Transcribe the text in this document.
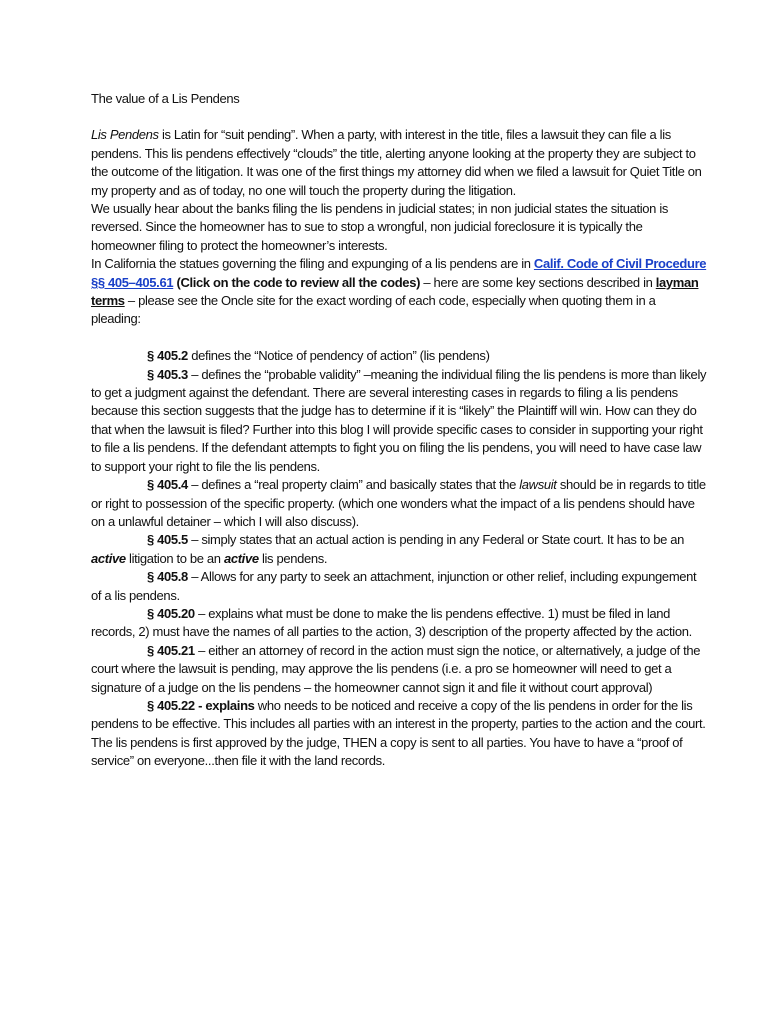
The value of a Lis Pendens

Lis Pendens is Latin for “suit pending”. When a party, with interest in the title, files a lawsuit they can file a lis pendens. This lis pendens effectively “clouds” the title, alerting anyone looking at the property they are subject to the outcome of the litigation. It was one of the first things my attorney did when we filed a lawsuit for Quiet Title on my property and as of today, no one will touch the property during the litigation.

We usually hear about the banks filing the lis pendens in judicial states; in non judicial states the situation is reversed. Since the homeowner has to sue to stop a wrongful, non judicial foreclosure it is typically the homeowner filing to protect the homeowner’s interests.

In California the statues governing the filing and expunging of a lis pendens are in Calif. Code of Civil Procedure §§ 405–405.61 (Click on the code to review all the codes) – here are some key sections described in layman terms – please see the Oncle site for the exact wording of each code, especially when quoting them in a pleading:

§ 405.2 defines the “Notice of pendency of action” (lis pendens)

§ 405.3 – defines the “probable validity” –meaning the individual filing the lis pendens is more than likely to get a judgment against the defendant. There are several interesting cases in regards to filing a lis pendens because this section suggests that the judge has to determine if it is “likely” the Plaintiff will win. How can they do that when the lawsuit is filed? Further into this blog I will provide specific cases to consider in supporting your right to file a lis pendens. If the defendant attempts to fight you on filing the lis pendens, you will need to have case law to support your right to file the lis pendens.

§ 405.4 – defines a “real property claim” and basically states that the lawsuit should be in regards to title or right to possession of the specific property. (which one wonders what the impact of a lis pendens should have on a unlawful detainer – which I will also discuss).

§ 405.5 – simply states that an actual action is pending in any Federal or State court. It has to be an active litigation to be an active lis pendens.

§ 405.8 – Allows for any party to seek an attachment, injunction or other relief, including expungement of a lis pendens.

§ 405.20 – explains what must be done to make the lis pendens effective. 1) must be filed in land records, 2) must have the names of all parties to the action, 3) description of the property affected by the action.

§ 405.21 – either an attorney of record in the action must sign the notice, or alternatively, a judge of the court where the lawsuit is pending, may approve the lis pendens (i.e. a pro se homeowner will need to get a signature of a judge on the lis pendens – the homeowner cannot sign it and file it without court approval)

§ 405.22 - explains who needs to be noticed and receive a copy of the lis pendens in order for the lis pendens to be effective. This includes all parties with an interest in the property, parties to the action and the court. The lis pendens is first approved by the judge, THEN a copy is sent to all parties. You have to have a “proof of service” on everyone...then file it with the land records.
